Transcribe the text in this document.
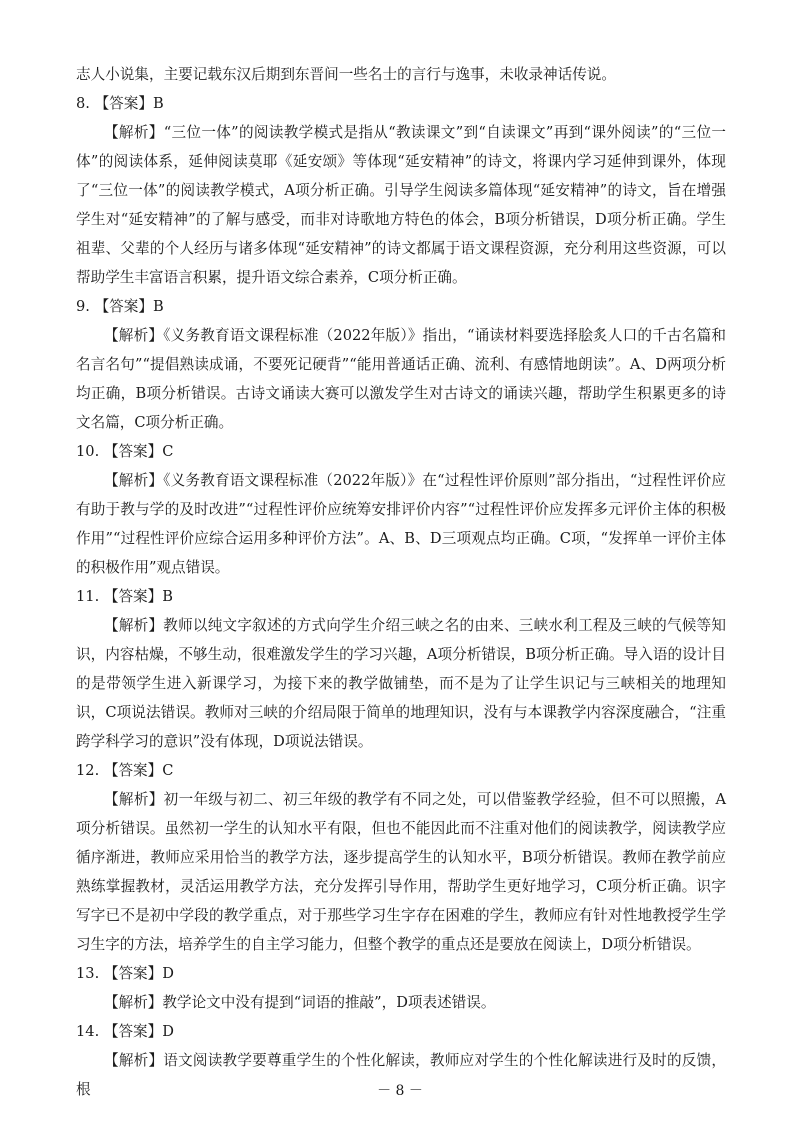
志人小说集，主要记载东汉后期到东晋间一些名士的言行与逸事，未收录神话传说。

8. 【答案】B

【解析】“三位一体”的阅读教学模式是指从“教读课文”到“自读课文”再到“课外阅读”的“三位一体”的阅读体系，延伸阅读莫耶《延安颂》等体现“延安精神”的诗文，将课内学习延伸到课外，体现了“三位一体”的阅读教学模式，A项分析正确。引导学生阅读多篇体现“延安精神”的诗文，旨在增强学生对“延安精神”的了解与感受，而非对诗歌地方特色的体会，B项分析错误，D项分析正确。学生祖辈、父辈的个人经历与诸多体现“延安精神”的诗文都属于语文课程资源，充分利用这些资源，可以帮助学生丰富语言积累，提升语文综合素养，C项分析正确。

9. 【答案】B

【解析】《义务教育语文课程标准（2022年版）》指出，“诵读材料要选择脍炙人口的千古名篇和名言名句”“提倡熟读成诵，不要死记硬背”“能用普通话正确、流利、有感情地朗读”。A、D两项分析均正确，B项分析错误。古诗文诵读大赛可以激发学生对古诗文的诵读兴趣，帮助学生积累更多的诗文名篇，C项分析正确。

10. 【答案】C

【解析】《义务教育语文课程标准（2022年版）》在“过程性评价原则”部分指出，“过程性评价应有助于教与学的及时改进”“过程性评价应统筹安排评价内容”“过程性评价应发挥多元评价主体的积极作用”“过程性评价应综合运用多种评价方法”。A、B、D三项观点均正确。C项，“发挥单一评价主体的积极作用”观点错误。

11. 【答案】B

【解析】教师以纯文字叙述的方式向学生介绍三峡之名的由来、三峡水利工程及三峡的气候等知识，内容枯燥，不够生动，很难激发学生的学习兴趣，A项分析错误，B项分析正确。导入语的设计目的是带领学生进入新课学习，为接下来的教学做铺垫，而不是为了让学生识记与三峡相关的地理知识，C项说法错误。教师对三峡的介绍局限于简单的地理知识，没有与本课教学内容深度融合，“注重跨学科学习的意识”没有体现，D项说法错误。

12. 【答案】C

【解析】初一年级与初二、初三年级的教学有不同之处，可以借鉴教学经验，但不可以照搬，A项分析错误。虽然初一学生的认知水平有限，但也不能因此而不注重对他们的阅读教学，阅读教学应循序渐进，教师应采用恰当的教学方法，逐步提高学生的认知水平，B项分析错误。教师在教学前应熟练掌握教材，灵活运用教学方法，充分发挥引导作用，帮助学生更好地学习，C项分析正确。识字写字已不是初中学段的教学重点，对于那些学习生字存在困难的学生，教师应有针对性地教授学生学习生字的方法，培养学生的自主学习能力，但整个教学的重点还是要放在阅读上，D项分析错误。

13. 【答案】D

【解析】教学论文中没有提到“词语的推敲”，D项表述错误。

14. 【答案】D

【解析】语文阅读教学要尊重学生的个性化解读，教师应对学生的个性化解读进行及时的反馈，根	－ 8 －
